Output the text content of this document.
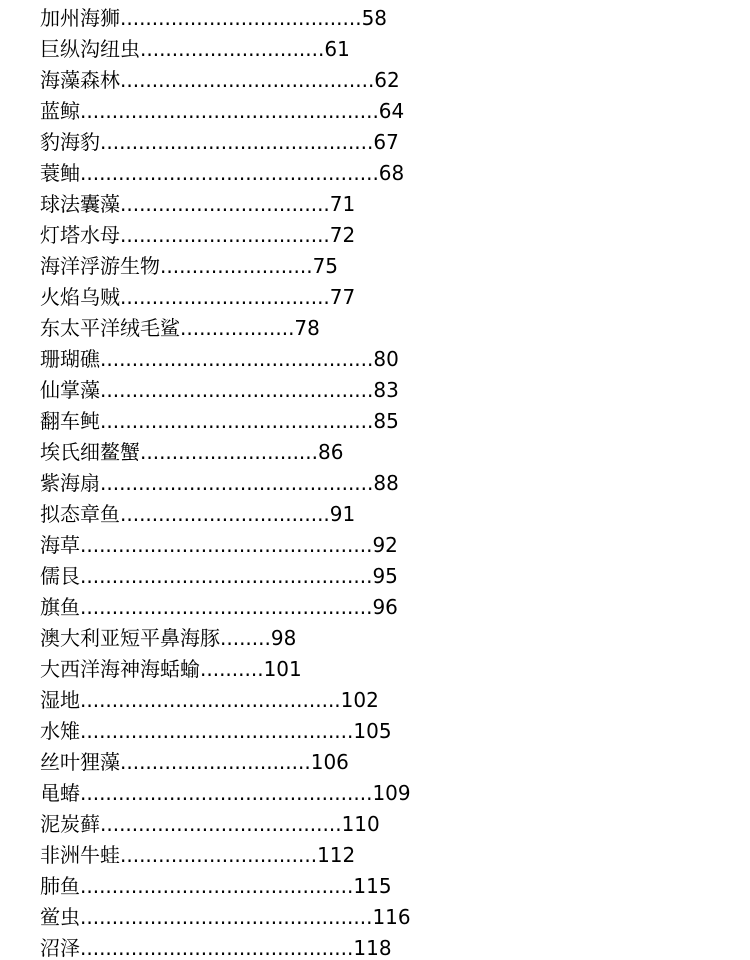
加州海狮......................................58
巨纵沟纽虫.............................61
海藻森林........................................62
蓝鲸...............................................64
豹海豹...........................................67
蓑鲉...............................................68
球法囊藻.................................71
灯塔水母.................................72
海洋浮游生物........................75
火焰乌贼.................................77
东太平洋绒毛鲨..................78
珊瑚礁...........................................80
仙掌藻...........................................83
翻车鲀...........................................85
埃氏细鳌蟹............................86
紫海扇...........................................88
拟态章鱼.................................91
海草..............................................92
儒艮..............................................95
旗鱼..............................................96
澳大利亚短平鼻海豚........98
大西洋海神海蛞蝓..........101
湿地.........................................102
水雉...........................................105
丝叶狸藻..............................106
黾蝽..............................................109
泥炭藓......................................110
非洲牛蛙...............................112
肺鱼...........................................115
鲎虫..............................................116
沼泽...........................................118
